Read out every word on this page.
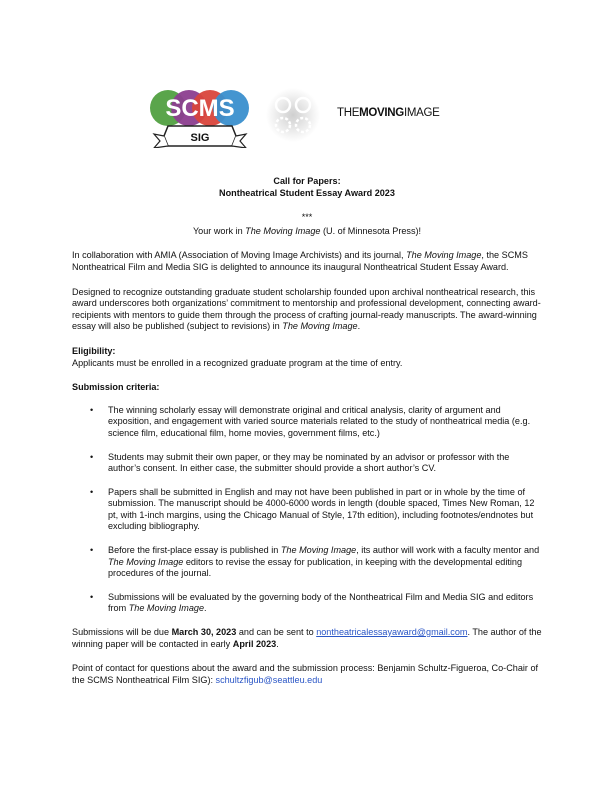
SCMS
SIG
THEMOVINGIMAGE

Call for Papers:

Nontheatrical Student Essay Award 2023

***

Your work in The Moving Image (U. of Minnesota Press)!

In collaboration with AMIA (Association of Moving Image Archivists) and its journal, The Moving Image, the SCMS Nontheatrical Film and Media SIG is delighted to announce its inaugural Nontheatrical Student Essay Award.

Designed to recognize outstanding graduate student scholarship founded upon archival nontheatrical research, this award underscores both organizations’ commitment to mentorship and professional development, connecting award-recipients with mentors to guide them through the process of crafting journal-ready manuscripts. The award-winning essay will also be published (subject to revisions) in The Moving Image.

Eligibility:

Applicants must be enrolled in a recognized graduate program at the time of entry.

Submission criteria:

• The winning scholarly essay will demonstrate original and critical analysis, clarity of argument and exposition, and engagement with varied source materials related to the study of nontheatrical media (e.g. science film, educational film, home movies, government films, etc.)
• Students may submit their own paper, or they may be nominated by an advisor or professor with the author’s consent. In either case, the submitter should provide a short author’s CV.
• Papers shall be submitted in English and may not have been published in part or in whole by the time of submission. The manuscript should be 4000-6000 words in length (double spaced, Times New Roman, 12 pt, with 1-inch margins, using the Chicago Manual of Style, 17th edition), including footnotes/endnotes but excluding bibliography.
• Before the first-place essay is published in The Moving Image, its author will work with a faculty mentor and The Moving Image editors to revise the essay for publication, in keeping with the developmental editing procedures of the journal.
• Submissions will be evaluated by the governing body of the Nontheatrical Film and Media SIG and editors from The Moving Image.

Submissions will be due March 30, 2023 and can be sent to nontheatricalessayaward@gmail.com. The author of the winning paper will be contacted in early April 2023.

Point of contact for questions about the award and the submission process: Benjamin Schultz-Figueroa, Co-Chair of the SCMS Nontheatrical Film SIG): schultzfigub@seattleu.edu
